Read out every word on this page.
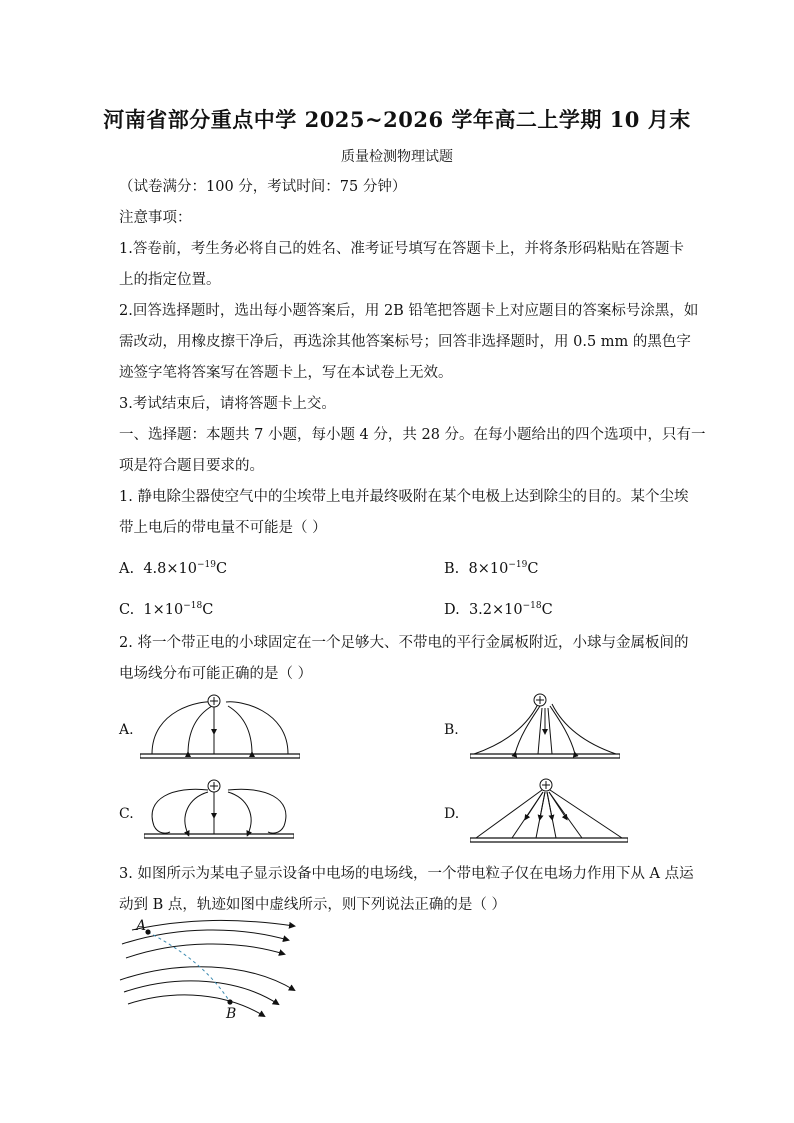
河南省部分重点中学 2025~2026 学年高二上学期 10 月末
质量检测物理试题
（试卷满分：100 分，考试时间：75 分钟）
注意事项：
1.答卷前，考生务必将自己的姓名、准考证号填写在答题卡上，并将条形码粘贴在答题卡
上的指定位置。
2.回答选择题时，选出每小题答案后，用 2B 铅笔把答题卡上对应题目的答案标号涂黑，如
需改动，用橡皮擦干净后，再选涂其他答案标号；回答非选择题时，用 0.5 mm 的黑色字
迹签字笔将答案写在答题卡上，写在本试卷上无效。
3.考试结束后，请将答题卡上交。
一、选择题：本题共 7 小题，每小题 4 分，共 28 分。在每小题给出的四个选项中，只有一
项是符合题目要求的。
1. 静电除尘器使空气中的尘埃带上电并最终吸附在某个电极上达到除尘的目的。某个尘埃
带上电后的带电量不可能是（ ）
A. $4.8\times 10^{-19}C$	B. $8\times 10^{-19}C$
C. $1\times 10^{-18}C$	D. $3.2\times 10^{-18}C$
2. 将一个带正电的小球固定在一个足够大、不带电的平行金属板附近，小球与金属板间的
电场线分布可能正确的是（ ）
A.	B.
C.	D.
3. 如图所示为某电子显示设备中电场的电场线，一个带电粒子仅在电场力作用下从 A 点运
动到 B 点，轨迹如图中虚线所示，则下列说法正确的是（ ）
A
B
